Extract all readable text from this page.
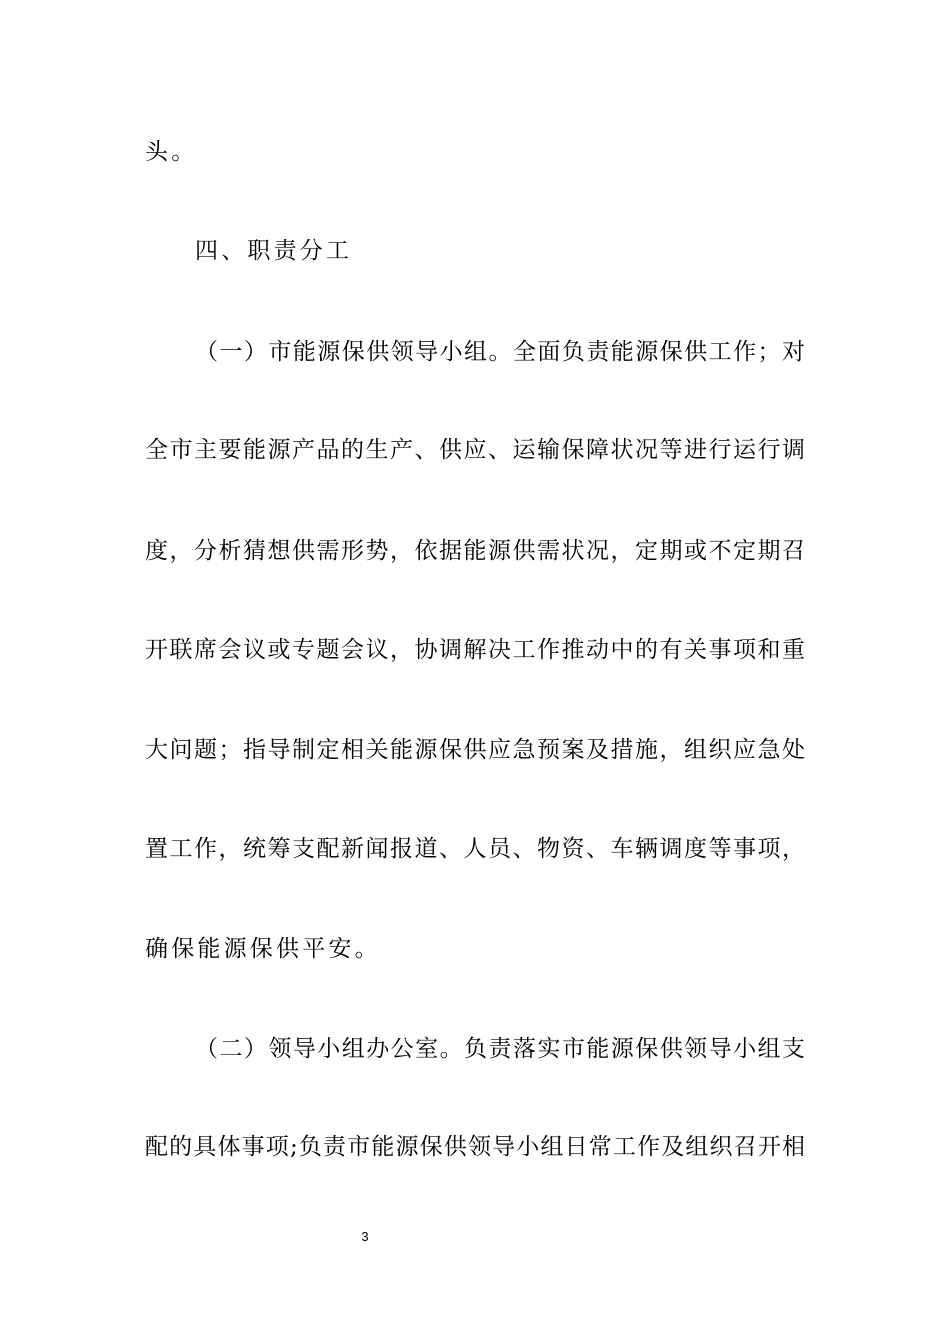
头。
四、职责分工
（一）市能源保供领导小组。全面负责能源保供工作；对
全市主要能源产品的生产、供应、运输保障状况等进行运行调
度，分析猜想供需形势，依据能源供需状况，定期或不定期召
开联席会议或专题会议，协调解决工作推动中的有关事项和重
大问题；指导制定相关能源保供应急预案及措施，组织应急处
置工作，统筹支配新闻报道、人员、物资、车辆调度等事项，
确保能源保供平安。
（二）领导小组办公室。负责落实市能源保供领导小组支
配的具体事项;负责市能源保供领导小组日常工作及组织召开相
3
